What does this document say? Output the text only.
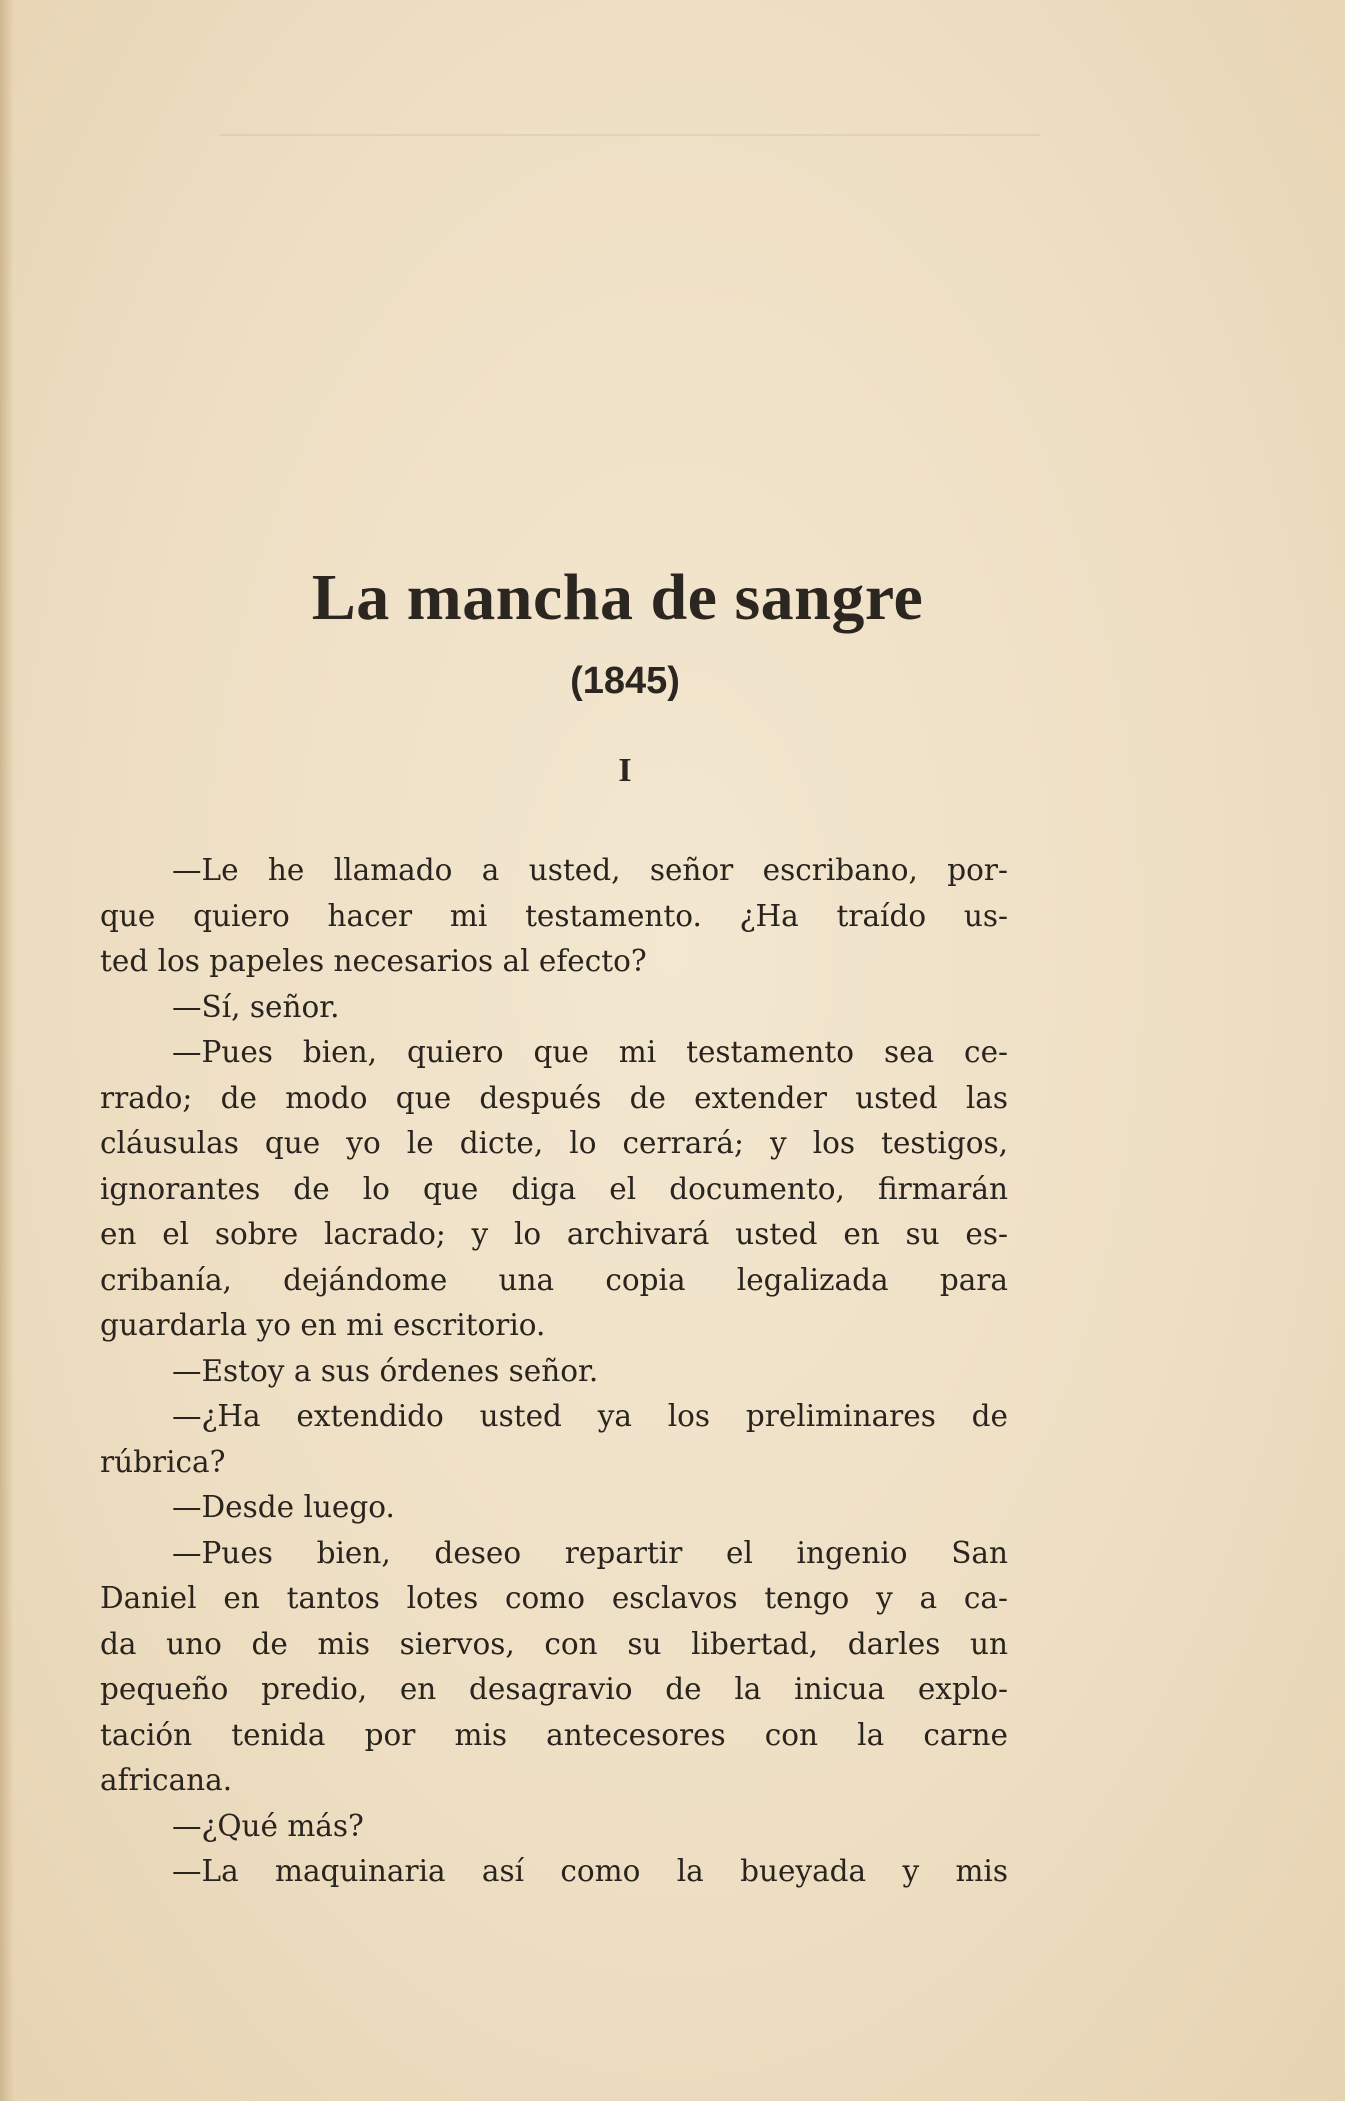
La mancha de sangre
(1845)
I
—Le he llamado a usted, señor escribano, por-
que quiero hacer mi testamento. ¿Ha traído us-
ted los papeles necesarios al efecto?
—Sí, señor.
—Pues bien, quiero que mi testamento sea ce-
rrado; de modo que después de extender usted las
cláusulas que yo le dicte, lo cerrará; y los testigos,
ignorantes de lo que diga el documento, firmarán
en el sobre lacrado; y lo archivará usted en su es-
cribanía, dejándome una copia legalizada para
guardarla yo en mi escritorio.
—Estoy a sus órdenes señor.
—¿Ha extendido usted ya los preliminares de
rúbrica?
—Desde luego.
—Pues bien, deseo repartir el ingenio San
Daniel en tantos lotes como esclavos tengo y a ca-
da uno de mis siervos, con su libertad, darles un
pequeño predio, en desagravio de la inicua explo-
tación tenida por mis antecesores con la carne
africana.
—¿Qué más?
—La maquinaria así como la bueyada y mis
